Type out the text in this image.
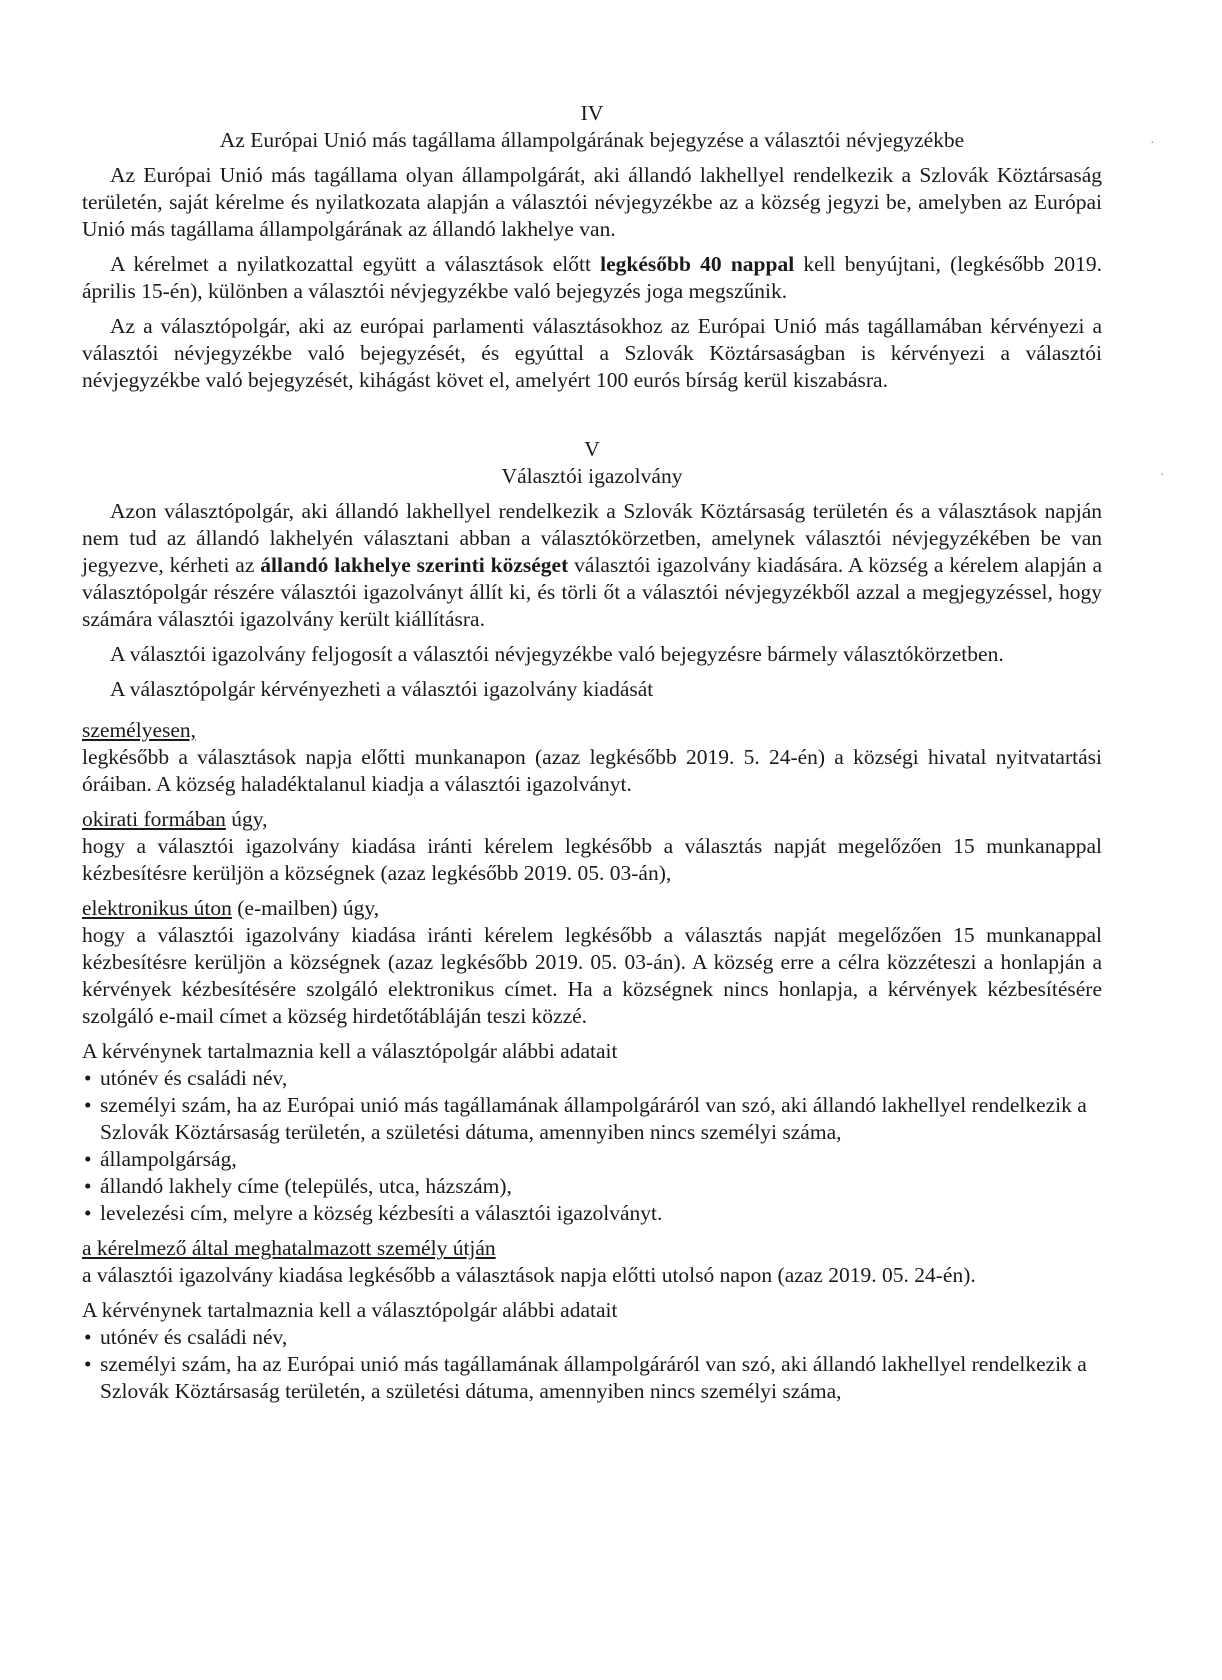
IV

Az Európai Unió más tagállama állampolgárának bejegyzése a választói névjegyzékbe

Az Európai Unió más tagállama olyan állampolgárát, aki állandó lakhellyel rendelkezik a Szlovák Köztársaság területén, saját kérelme és nyilatkozata alapján a választói névjegyzékbe az a község jegyzi be, amelyben az Európai Unió más tagállama állampolgárának az állandó lakhelye van.

A kérelmet a nyilatkozattal együtt a választások előtt legkésőbb 40 nappal kell benyújtani, (legkésőbb 2019. április 15-én), különben a választói névjegyzékbe való bejegyzés joga megszűnik.

Az a választópolgár, aki az európai parlamenti választásokhoz az Európai Unió más tagállamában kérvényezi a választói névjegyzékbe való bejegyzését, és egyúttal a Szlovák Köztársaságban is kérvényezi a választói névjegyzékbe való bejegyzését, kihágást követ el, amelyért 100 eurós bírság kerül kiszabásra.

V

Választói igazolvány

Azon választópolgár, aki állandó lakhellyel rendelkezik a Szlovák Köztársaság területén és a választások napján nem tud az állandó lakhelyén választani abban a választókörzetben, amelynek választói névjegyzékében be van jegyezve, kérheti az állandó lakhelye szerinti községet választói igazolvány kiadására. A község a kérelem alapján a választópolgár részére választói igazolványt állít ki, és törli őt a választói névjegyzékből azzal a megjegyzéssel, hogy számára választói igazolvány került kiállításra.

A választói igazolvány feljogosít a választói névjegyzékbe való bejegyzésre bármely választókörzetben.

A választópolgár kérvényezheti a választói igazolvány kiadását

személyesen,

legkésőbb a választások napja előtti munkanapon (azaz legkésőbb 2019. 5. 24-én) a községi hivatal nyitvatartási óráiban. A község haladéktalanul kiadja a választói igazolványt.

okirati formában úgy,

hogy a választói igazolvány kiadása iránti kérelem legkésőbb a választás napját megelőzően 15 munkanappal kézbesítésre kerüljön a községnek (azaz legkésőbb 2019. 05. 03-án),

elektronikus úton (e-mailben) úgy,

hogy a választói igazolvány kiadása iránti kérelem legkésőbb a választás napját megelőzően 15 munkanappal kézbesítésre kerüljön a községnek (azaz legkésőbb 2019. 05. 03-án). A község erre a célra közzéteszi a honlapján a kérvények kézbesítésére szolgáló elektronikus címet. Ha a községnek nincs honlapja, a kérvények kézbesítésére szolgáló e-mail címet a község hirdetőtábláján teszi közzé.

A kérvénynek tartalmaznia kell a választópolgár alábbi adatait
• utónév és családi név,
• személyi szám, ha az Európai unió más tagállamának állampolgáráról van szó, aki állandó lakhellyel rendelkezik a Szlovák Köztársaság területén, a születési dátuma, amennyiben nincs személyi száma,
• állampolgárság,
• állandó lakhely címe (település, utca, házszám),
• levelezési cím, melyre a község kézbesíti a választói igazolványt.
a kérelmező által meghatalmazott személy útján

a választói igazolvány kiadása legkésőbb a választások napja előtti utolsó napon (azaz 2019. 05. 24-én).

A kérvénynek tartalmaznia kell a választópolgár alábbi adatait
• utónév és családi név,
• személyi szám, ha az Európai unió más tagállamának állampolgáráról van szó, aki állandó lakhellyel rendelkezik a Szlovák Köztársaság területén, a születési dátuma, amennyiben nincs személyi száma,
·
·
